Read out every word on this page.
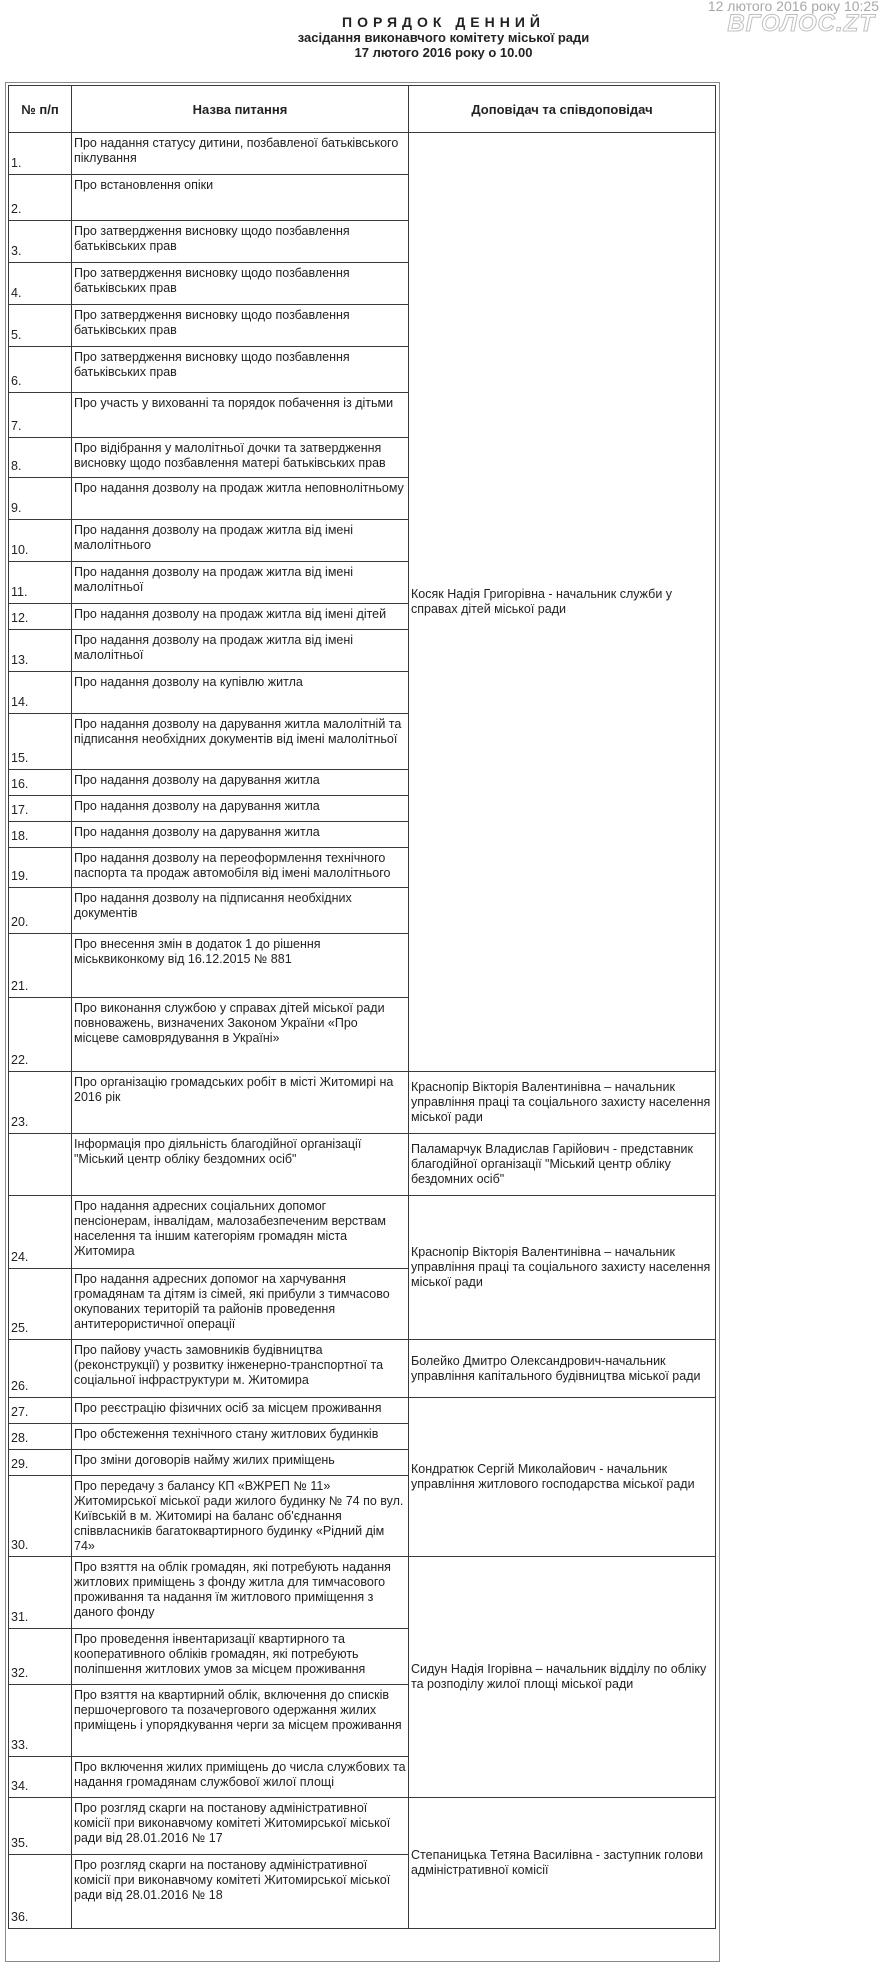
12 лютого 2016 року 10:25
ВГОЛОС.ZT
ПОРЯДОК ДЕННИЙ
засідання виконавчого комітету міської ради
17 лютого 2016 року о 10.00
№ п/п	Назва питання	Доповідач та співдоповідач
1.	Про надання статусу дитини, позбавленої батьківського піклування	Косяк Надія Григорівна - начальник служби у справах дітей міської ради
2.	Про встановлення опіки	
3.	Про затвердження висновку щодо позбавлення батьківських прав	
4.	Про затвердження висновку щодо позбавлення батьківських прав	
5.	Про затвердження висновку щодо позбавлення батьківських прав	
6.	Про затвердження висновку щодо позбавлення батьківських прав	
7.	Про участь у вихованні та порядок побачення із дітьми	
8.	Про відібрання у малолітньої дочки та затвердження висновку щодо позбавлення матері батьківських прав	
9.	Про надання дозволу на продаж житла неповнолітньому	
10.	Про надання дозволу на продаж житла від імені малолітнього	
11.	Про надання дозволу на продаж житла від імені малолітньої	
12.	Про надання дозволу на продаж житла від імені дітей	
13.	Про надання дозволу на продаж житла від імені малолітньої	
14.	Про надання дозволу на купівлю житла	
15.	Про надання дозволу на дарування житла малолітній та підписання необхідних документів від імені малолітньої	
16.	Про надання дозволу на дарування житла	
17.	Про надання дозволу на дарування житла	
18.	Про надання дозволу на дарування житла	
19.	Про надання дозволу на переоформлення технічного паспорта та продаж автомобіля від імені малолітнього	
20.	Про надання дозволу на підписання необхідних документів	
21.	Про внесення змін в додаток 1 до рішення міськвиконкому від 16.12.2015 № 881	
22.	Про виконання службою у справах дітей міської ради повноважень, визначених Законом України «Про місцеве самоврядування в Україні»	
23.	Про організацію громадських робіт в місті Житомирі на 2016 рік	Краснопір Вікторія Валентинівна – начальник управління праці та соціального захисту населення міської ради
	Інформація про діяльність благодійної організації "Міський центр обліку бездомних осіб"	Паламарчук Владислав Гарійович - представник благодійної організації "Міський центр обліку бездомних осіб"
24.	Про надання адресних соціальних допомог пенсіонерам, інвалідам, малозабезпеченим верствам населення та іншим категоріям громадян міста Житомира	Краснопір Вікторія Валентинівна – начальник управління праці та соціального захисту населення міської ради
25.	Про надання адресних допомог на харчування громадянам та дітям із сімей, які прибули з тимчасово окупованих територій та районів проведення антитерористичної операції	
26.	Про пайову участь замовників будівництва (реконструкції) у розвитку інженерно-транспортної та соціальної інфраструктури м. Житомира	Болейко Дмитро Олександрович-начальник управління капітального будівництва міської ради
27.	Про реєстрацію фізичних осіб за місцем проживання	Кондратюк Сергій Миколайович - начальник управління житлового господарства міської ради
28.	Про обстеження технічного стану житлових будинків	
29.	Про зміни договорів найму жилих приміщень	
30.	Про передачу з балансу КП «ВЖРЕП № 11» Житомирської міської ради жилого будинку № 74 по вул. Київській в м. Житомирі на баланс об'єднання співвласників багатоквартирного будинку «Рідний дім 74»	
31.	Про взяття на облік громадян, які потребують надання житлових приміщень з фонду житла для тимчасового проживання та надання їм житлового приміщення з даного фонду	Сидун Надія Ігорівна – начальник відділу по обліку та розподілу жилої площі міської ради
32.	Про проведення інвентаризації квартирного та кооперативного обліків громадян, які потребують поліпшення житлових умов за місцем проживання	
33.	Про взяття на квартирний облік, включення до списків першочергового та позачергового одержання жилих приміщень і упорядкування черги за місцем проживання	
34.	Про включення жилих приміщень до числа службових та надання громадянам службової жилої площі	
35.	Про розгляд скарги на постанову адміністративної комісії при виконавчому комітеті Житомирської міської ради від 28.01.2016 № 17	Степаницька Тетяна Василівна - заступник голови адміністративної комісії
36.	Про розгляд скарги на постанову адміністративної комісії при виконавчому комітеті Житомирської міської ради від 28.01.2016 № 18	
